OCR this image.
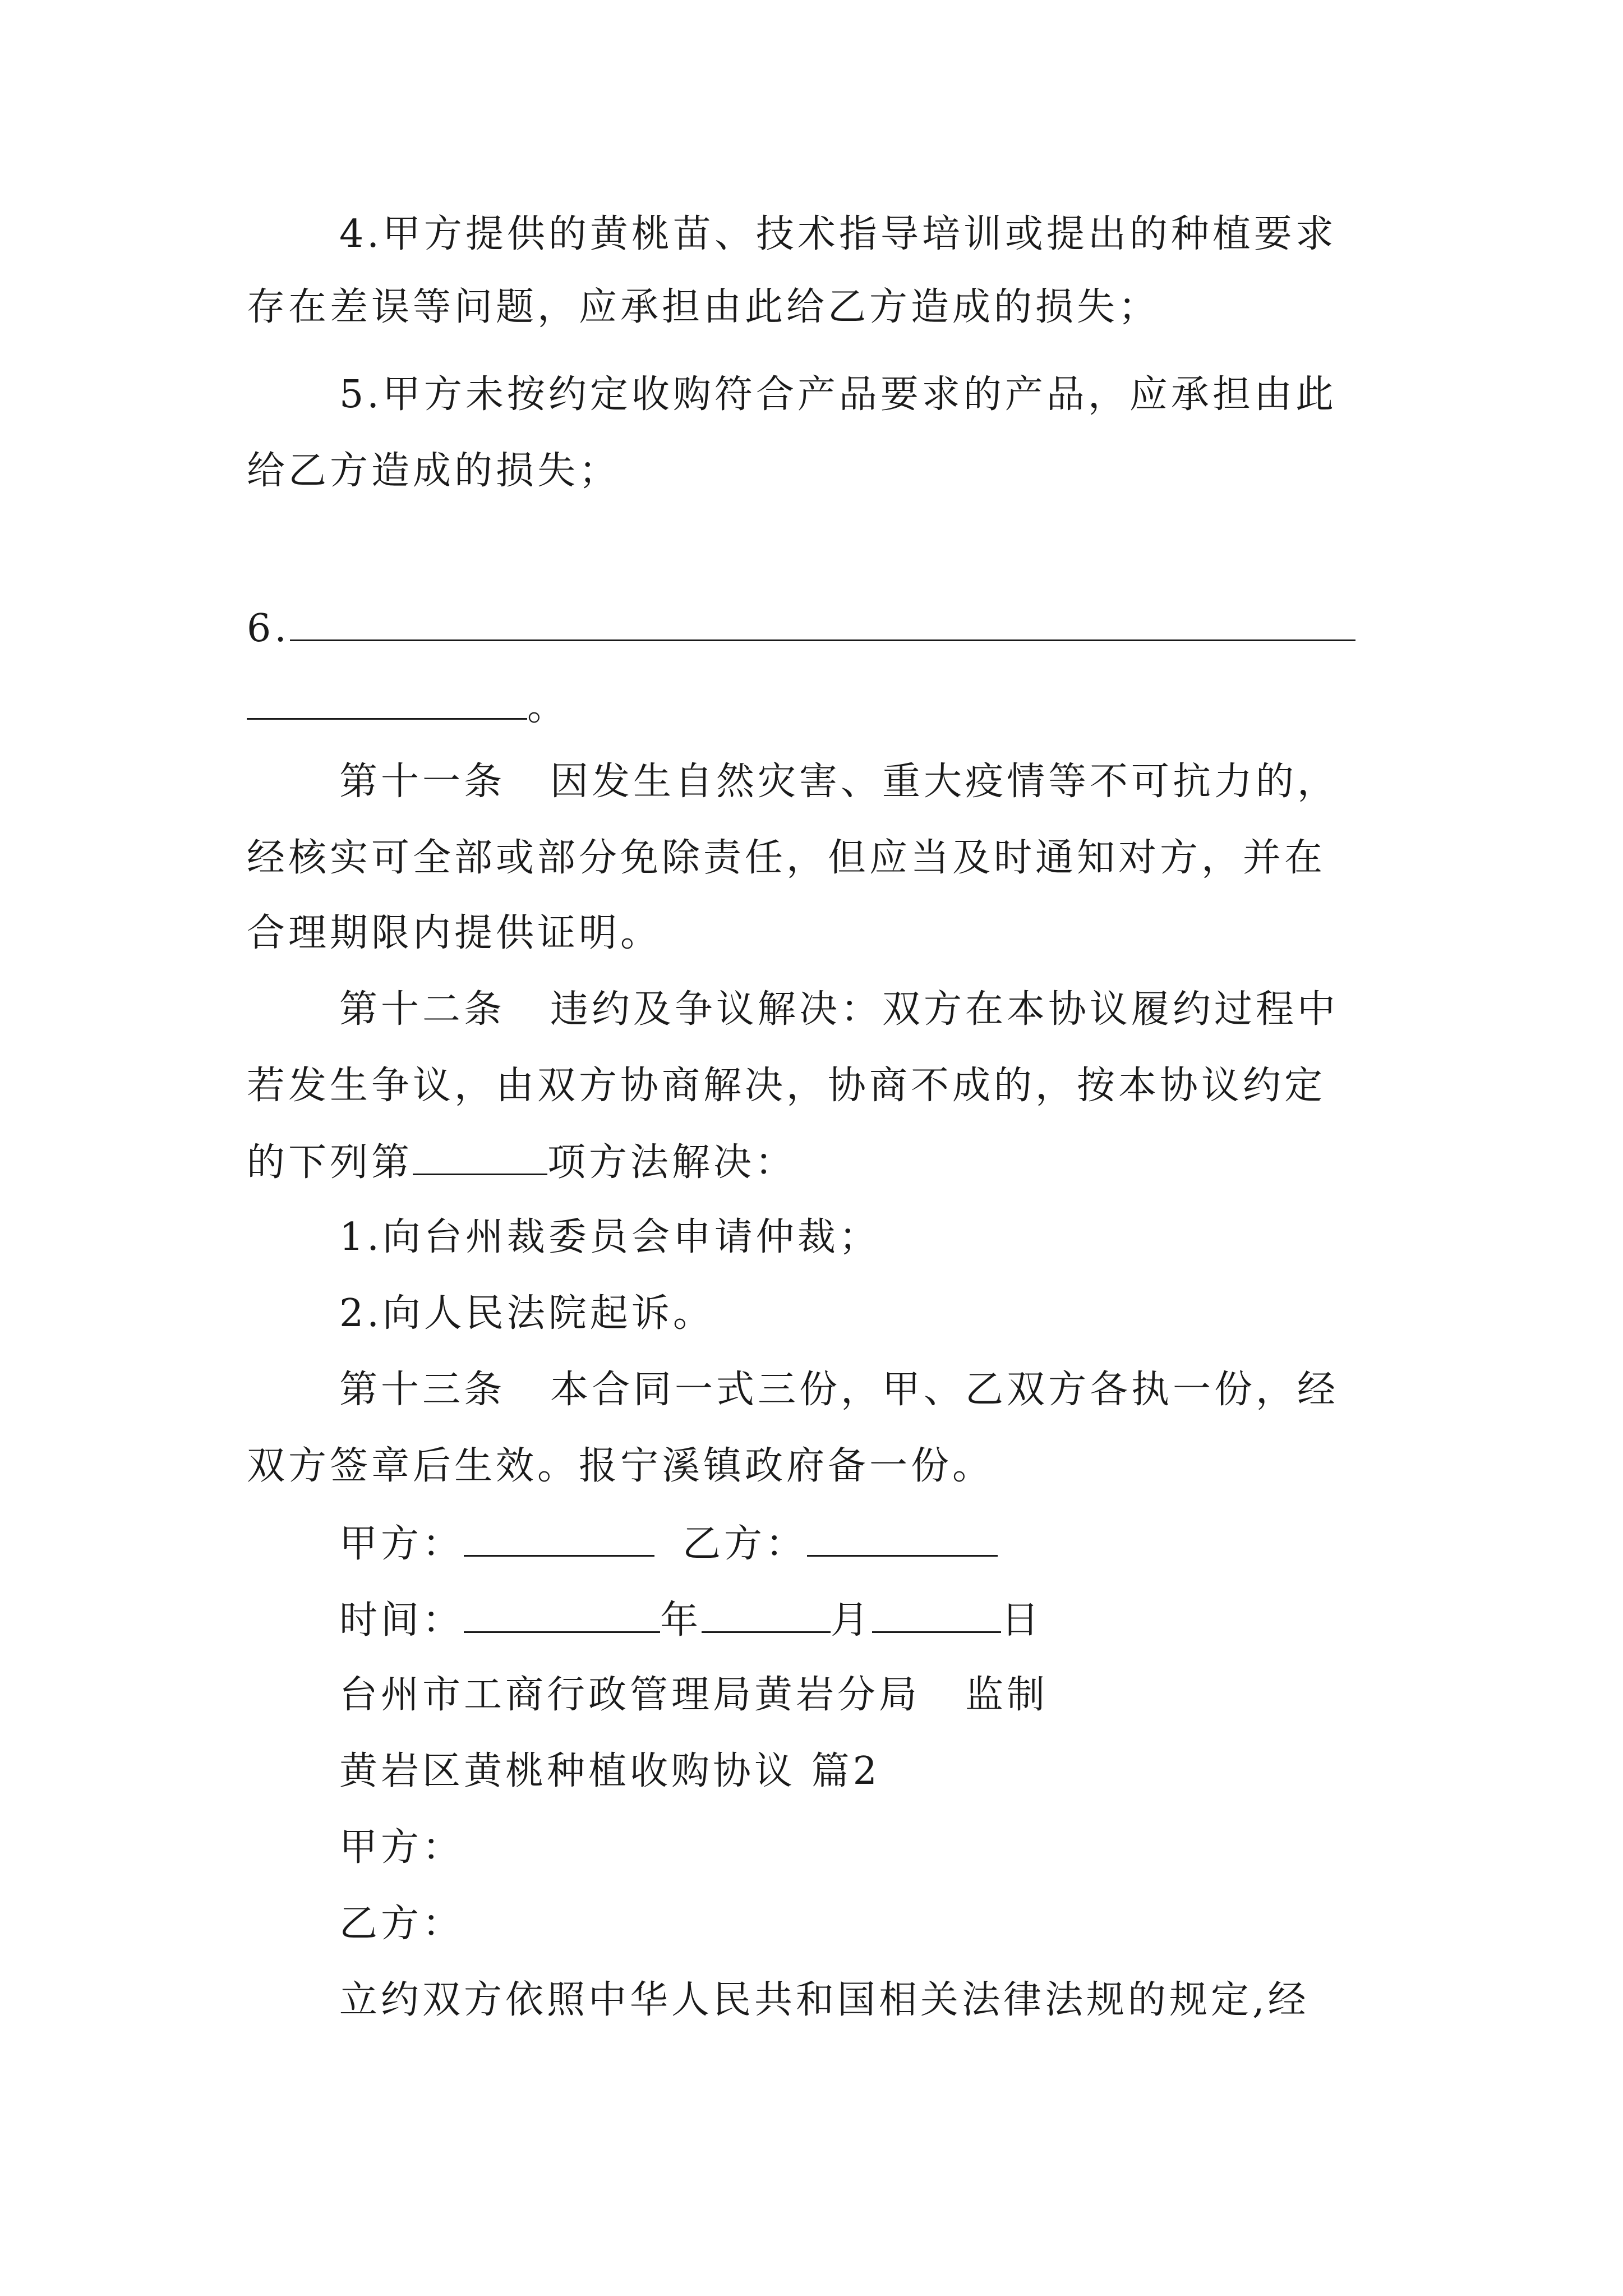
4.甲方提供的黄桃苗、技术指导培训或提出的种植要求
存在差误等问题，应承担由此给乙方造成的损失；
5.甲方未按约定收购符合产品要求的产品，应承担由此
给乙方造成的损失；
6.
。
第十一条 因发生自然灾害、重大疫情等不可抗力的，
经核实可全部或部分免除责任，但应当及时通知对方，并在
合理期限内提供证明。
第十二条 违约及争议解决：双方在本协议履约过程中
若发生争议，由双方协商解决，协商不成的，按本协议约定
的下列第	项方法解决：
1.向台州裁委员会申请仲裁；
2.向人民法院起诉。
第十三条 本合同一式三份，甲、乙双方各执一份，经
双方签章后生效。报宁溪镇政府备一份。
甲方：	乙方：
时间：	年	月	日
台州市工商行政管理局黄岩分局 监制
黄岩区黄桃种植收购协议 篇2
甲方：
乙方：
立约双方依照中华人民共和国相关法律法规的规定,经
